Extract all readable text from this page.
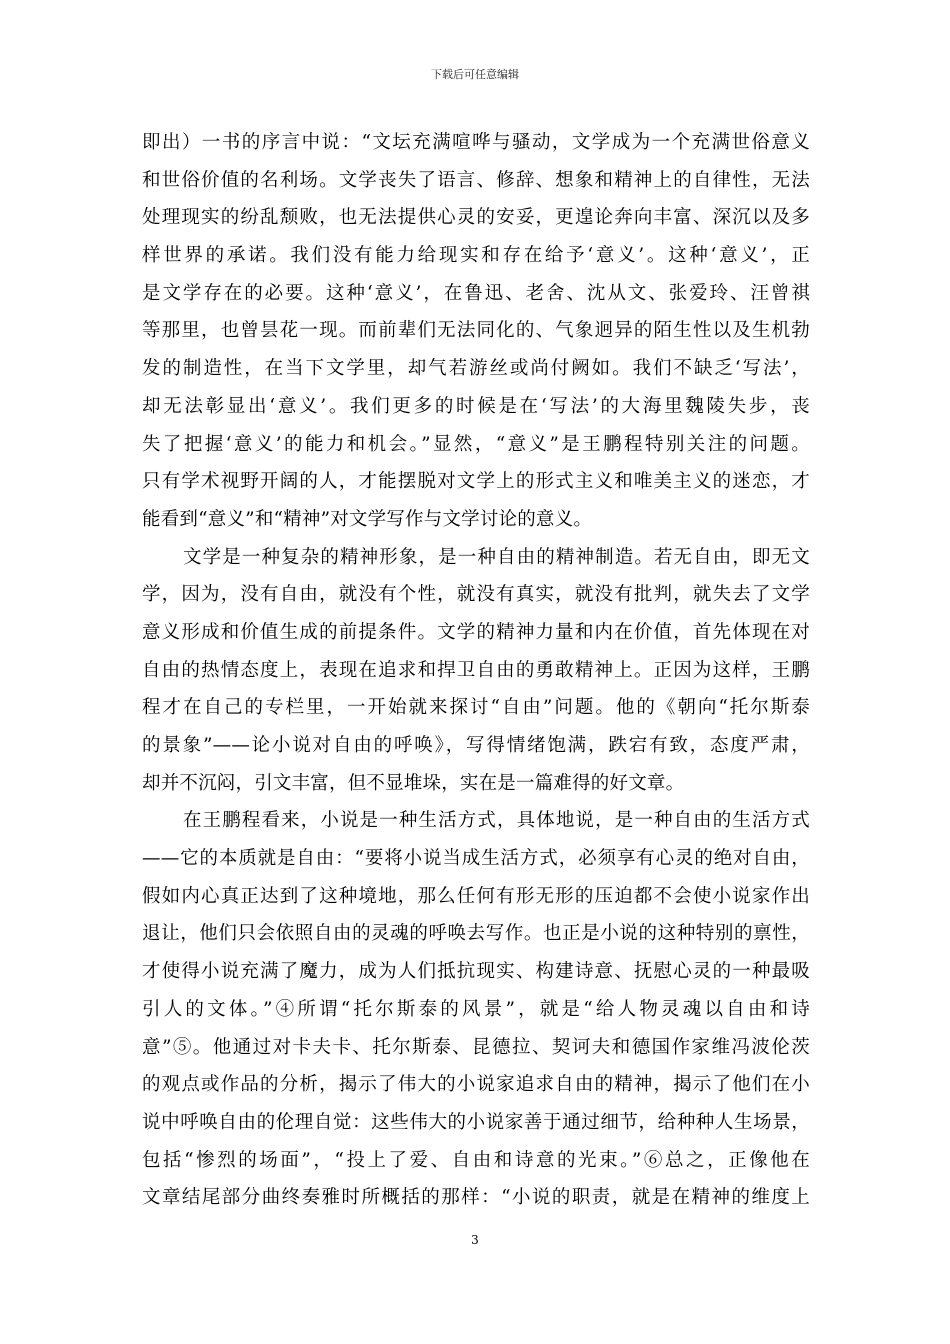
下载后可任意编辑
即出）一书的序言中说：“文坛充满喧哗与骚动，文学成为一个充满世俗意义
和世俗价值的名利场。文学丧失了语言、修辞、想象和精神上的自律性，无法
处理现实的纷乱颓败，也无法提供心灵的安妥，更遑论奔向丰富、深沉以及多
样世界的承诺。我们没有能力给现实和存在给予‘意义’。这种‘意义’，正
是文学存在的必要。这种‘意义’，在鲁迅、老舍、沈从文、张爱玲、汪曾祺
等那里，也曾昙花一现。而前辈们无法同化的、气象迥异的陌生性以及生机勃
发的制造性，在当下文学里，却气若游丝或尚付阙如。我们不缺乏‘写法’，
却无法彰显出‘意义’。我们更多的时候是在‘写法’的大海里魏陵失步，丧
失了把握‘意义’的能力和机会。”显然，“意义”是王鹏程特别关注的问题。
只有学术视野开阔的人，才能摆脱对文学上的形式主义和唯美主义的迷恋，才
能看到“意义”和“精神”对文学写作与文学讨论的意义。
文学是一种复杂的精神形象，是一种自由的精神制造。若无自由，即无文
学，因为，没有自由，就没有个性，就没有真实，就没有批判，就失去了文学
意义形成和价值生成的前提条件。文学的精神力量和内在价值，首先体现在对
自由的热情态度上，表现在追求和捍卫自由的勇敢精神上。正因为这样，王鹏
程才在自己的专栏里，一开始就来探讨“自由”问题。他的《朝向“托尔斯泰
的景象”——论小说对自由的呼唤》，写得情绪饱满，跌宕有致，态度严肃，
却并不沉闷，引文丰富，但不显堆垛，实在是一篇难得的好文章。
在王鹏程看来，小说是一种生活方式，具体地说，是一种自由的生活方式
——它的本质就是自由：“要将小说当成生活方式，必须享有心灵的绝对自由，
假如内心真正达到了这种境地，那么任何有形无形的压迫都不会使小说家作出
退让，他们只会依照自由的灵魂的呼唤去写作。也正是小说的这种特别的禀性，
才使得小说充满了魔力，成为人们抵抗现实、构建诗意、抚慰心灵的一种最吸
引人的文体。”④所谓“托尔斯泰的风景”，就是“给人物灵魂以自由和诗
意”⑤。他通过对卡夫卡、托尔斯泰、昆德拉、契诃夫和德国作家维冯波伦茨
的观点或作品的分析，揭示了伟大的小说家追求自由的精神，揭示了他们在小
说中呼唤自由的伦理自觉：这些伟大的小说家善于通过细节，给种种人生场景，
包括“惨烈的场面”，“投上了爱、自由和诗意的光束。”⑥总之，正像他在
文章结尾部分曲终奏雅时所概括的那样：“小说的职责，就是在精神的维度上
3
